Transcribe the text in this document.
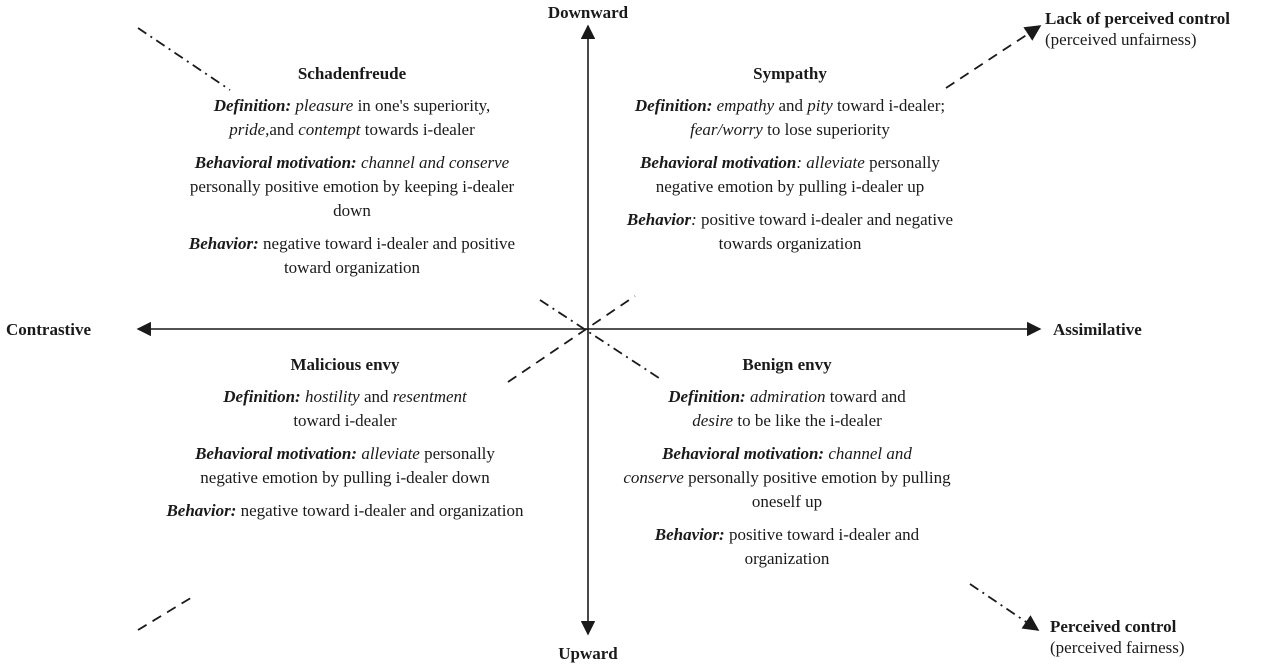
Downward
Upward
Contrastive	Assimilative
Lack of perceived control
(perceived unfairness)
Perceived control
(perceived fairness)
Schadenfreude

Definition: pleasure in one's superiority,
pride,and contempt towards i-dealer

Behavioral motivation: channel and conserve personally positive emotion by keeping i-dealer down

Behavior: negative toward i-dealer and positive toward organization

Sympathy

Definition: empathy and pity toward i-dealer; fear/worry to lose superiority

Behavioral motivation: alleviate personally negative emotion by pulling i-dealer up

Behavior: positive toward i-dealer and negative towards organization

Malicious envy

Definition: hostility and resentment toward i-dealer

Behavioral motivation: alleviate personally negative emotion by pulling i-dealer down

Behavior: negative toward i-dealer and organization

Benign envy

Definition: admiration toward and
desire to be like the i-dealer

Behavioral motivation: channel and
conserve personally positive emotion by pulling oneself up

Behavior: positive toward i-dealer and organization
